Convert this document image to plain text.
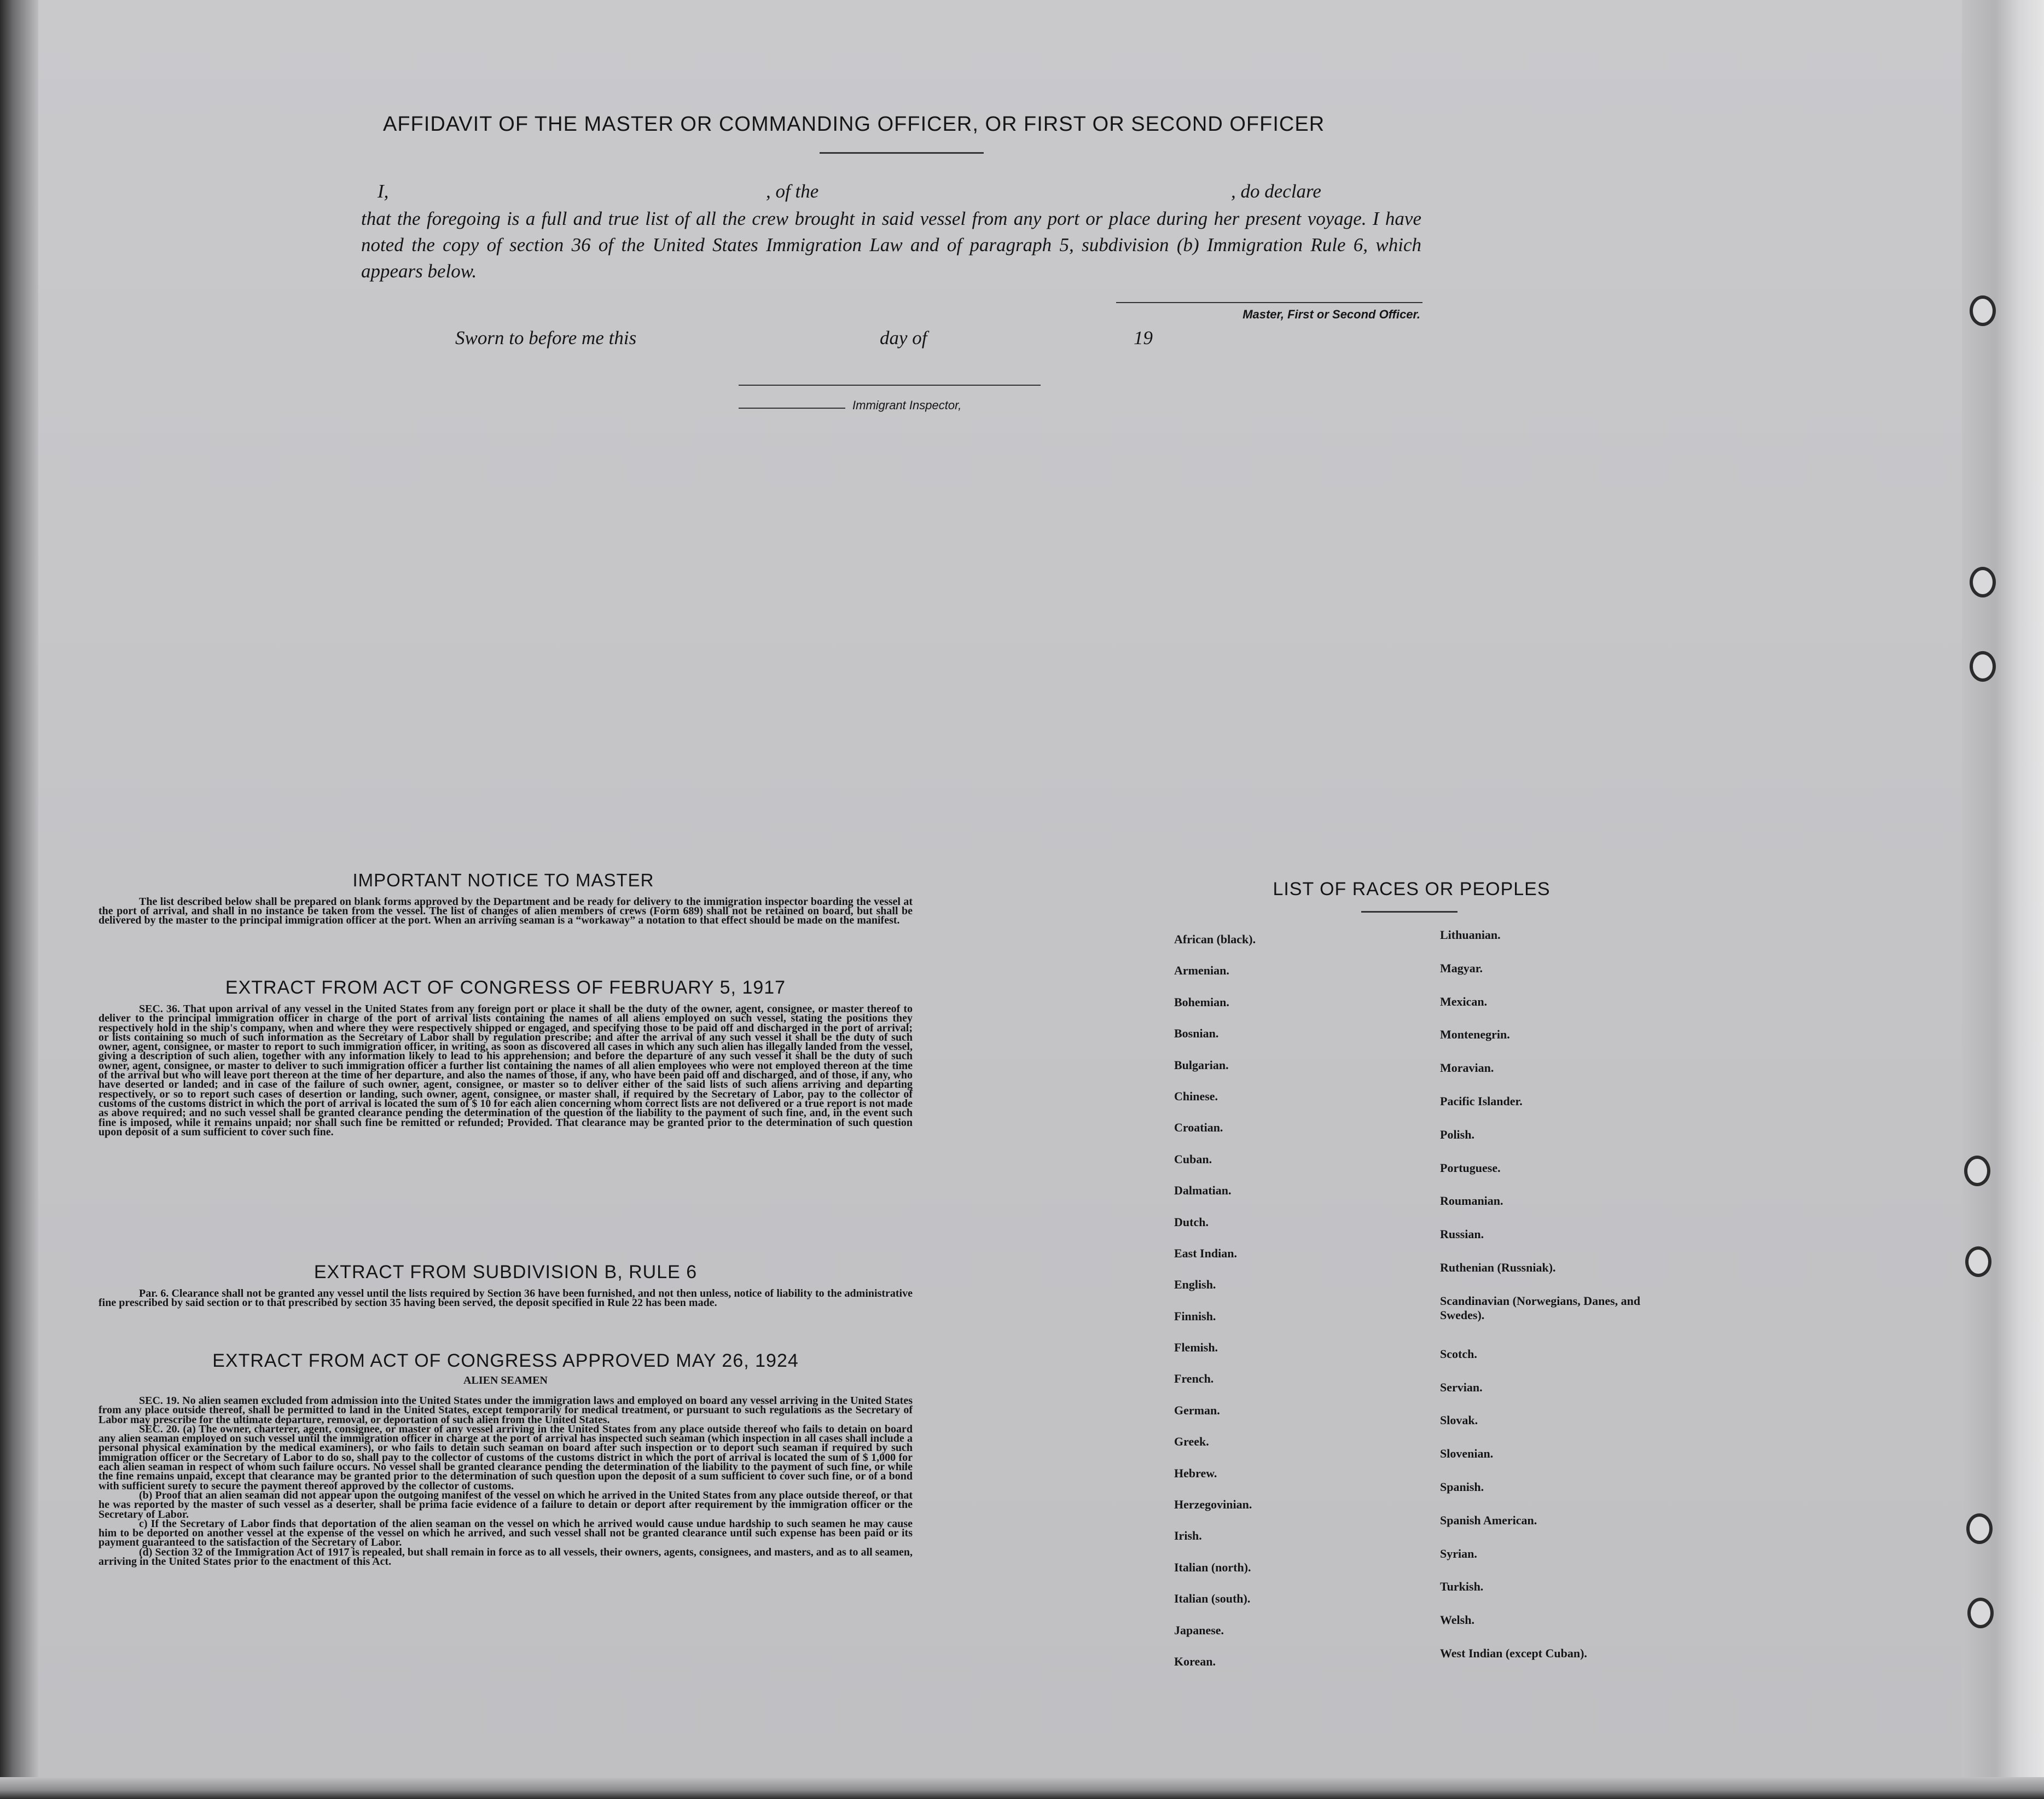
AFFIDAVIT OF THE MASTER OR COMMANDING OFFICER, OR FIRST OR SECOND OFFICER
I,	, of the	, do declare
that the foregoing is a full and true list of all the crew brought in said vessel from any port or place during her present voyage. I have noted the copy of section 36 of the United States Immigration Law and of paragraph 5, subdivision (b) Immigration Rule 6, which appears below.
Master, First or Second Officer.
Sworn to before me this	day of	19
Immigrant Inspector,
IMPORTANT NOTICE TO MASTER
The list described below shall be prepared on blank forms approved by the Department and be ready for delivery to the immigration inspector boarding the vessel at the port of arrival, and shall in no instance be taken from the vessel. The list of changes of alien members of crews (Form 689) shall not be retained on board, but shall be delivered by the master to the principal immigration officer at the port. When an arriving seaman is a “workaway” a notation to that effect should be made on the manifest.
EXTRACT FROM ACT OF CONGRESS OF FEBRUARY 5, 1917

SEC. 36. That upon arrival of any vessel in the United States from any foreign port or place it shall be the duty of the owner, agent, consignee, or master thereof to deliver to the principal immigration officer in charge of the port of arrival lists containing the names of all aliens employed on such vessel, stating the positions they respectively hold in the ship's company, when and where they were respectively shipped or engaged, and specifying those to be paid off and discharged in the port of arrival; or lists containing so much of such information as the Secretary of Labor shall by regulation prescribe; and after the arrival of any such vessel it shall be the duty of such owner, agent, consignee, or master to report to such immigration officer, in writing, as soon as discovered all cases in which any such alien has illegally landed from the vessel, giving a description of such alien, together with any information likely to lead to his apprehension; and before the departure of any such vessel it shall be the duty of such owner, agent, consignee, or master to deliver to such immigration officer a further list containing the names of all alien employees who were not employed thereon at the time of the arrival but who will leave port thereon at the time of her departure, and also the names of those, if any, who have been paid off and discharged, and of those, if any, who have deserted or landed; and in case of the failure of such owner, agent, consignee, or master so to deliver either of the said lists of such aliens arriving and departing respectively, or so to report such cases of desertion or landing, such owner, agent, consignee, or master shall, if required by the Secretary of Labor, pay to the collector of customs of the customs district in which the port of arrival is located the sum of $ 10 for each alien concerning whom correct lists are not delivered or a true report is not made as above required; and no such vessel shall be granted clearance pending the determination of the question of the liability to the payment of such fine, and, in the event such fine is imposed, while it remains unpaid; nor shall such fine be remitted or refunded; Provided. That clearance may be granted prior to the determination of such question upon deposit of a sum sufficient to cover such fine.

EXTRACT FROM SUBDIVISION B, RULE 6

Par. 6. Clearance shall not be granted any vessel until the lists required by Section 36 have been furnished, and not then unless, notice of liability to the administrative fine prescribed by said section or to that prescribed by section 35 having been served, the deposit specified in Rule 22 has been made.

EXTRACT FROM ACT OF CONGRESS APPROVED MAY 26, 1924
ALIEN SEAMEN

SEC. 19. No alien seamen excluded from admission into the United States under the immigration laws and employed on board any vessel arriving in the United States from any place outside thereof, shall be permitted to land in the United States, except temporarily for medical treatment, or pursuant to such regulations as the Secretary of Labor may prescribe for the ultimate departure, removal, or deportation of such alien from the United States.

SEC. 20. (a) The owner, charterer, agent, consignee, or master of any vessel arriving in the United States from any place outside thereof who fails to detain on board any alien seaman employed on such vessel until the immigration officer in charge at the port of arrival has inspected such seaman (which inspection in all cases shall include a personal physical examination by the medical examiners), or who fails to detain such seaman on board after such inspection or to deport such seaman if required by such immigration officer or the Secretary of Labor to do so, shall pay to the collector of customs of the customs district in which the port of arrival is located the sum of $ 1,000 for each alien seaman in respect of whom such failure occurs. No vessel shall be granted clearance pending the determination of the liability to the payment of such fine, or while the fine remains unpaid, except that clearance may be granted prior to the determination of such question upon the deposit of a sum sufficient to cover such fine, or of a bond with sufficient surety to secure the payment thereof approved by the collector of customs.

(b) Proof that an alien seaman did not appear upon the outgoing manifest of the vessel on which he arrived in the United States from any place outside thereof, or that he was reported by the master of such vessel as a deserter, shall be prima facie evidence of a failure to detain or deport after requirement by the immigration officer or the Secretary of Labor.

c) If the Secretary of Labor finds that deportation of the alien seaman on the vessel on which he arrived would cause undue hardship to such seamen he may cause him to be deported on another vessel at the expense of the vessel on which he arrived, and such vessel shall not be granted clearance until such expense has been paid or its payment guaranteed to the satisfaction of the Secretary of Labor.

(d) Section 32 of the Immigration Act of 1917 is repealed, but shall remain in force as to all vessels, their owners, agents, consignees, and masters, and as to all seamen, arriving in the United States prior to the enactment of this Act.

LIST OF RACES OR PEOPLES
African (black).
Armenian.
Bohemian.
Bosnian.
Bulgarian.
Chinese.
Croatian.
Cuban.
Dalmatian.
Dutch.
East Indian.
English.
Finnish.
Flemish.
French.
German.
Greek.
Hebrew.
Herzegovinian.
Irish.
Italian (north).
Italian (south).
Japanese.
Korean.
Lithuanian.
Magyar.
Mexican.
Montenegrin.
Moravian.
Pacific Islander.
Polish.
Portuguese.
Roumanian.
Russian.
Ruthenian (Russniak).
Scandinavian (Norwegians, Danes, and Swedes).
Scotch.
Servian.
Slovak.
Slovenian.
Spanish.
Spanish American.
Syrian.
Turkish.
Welsh.
West Indian (except Cuban).
